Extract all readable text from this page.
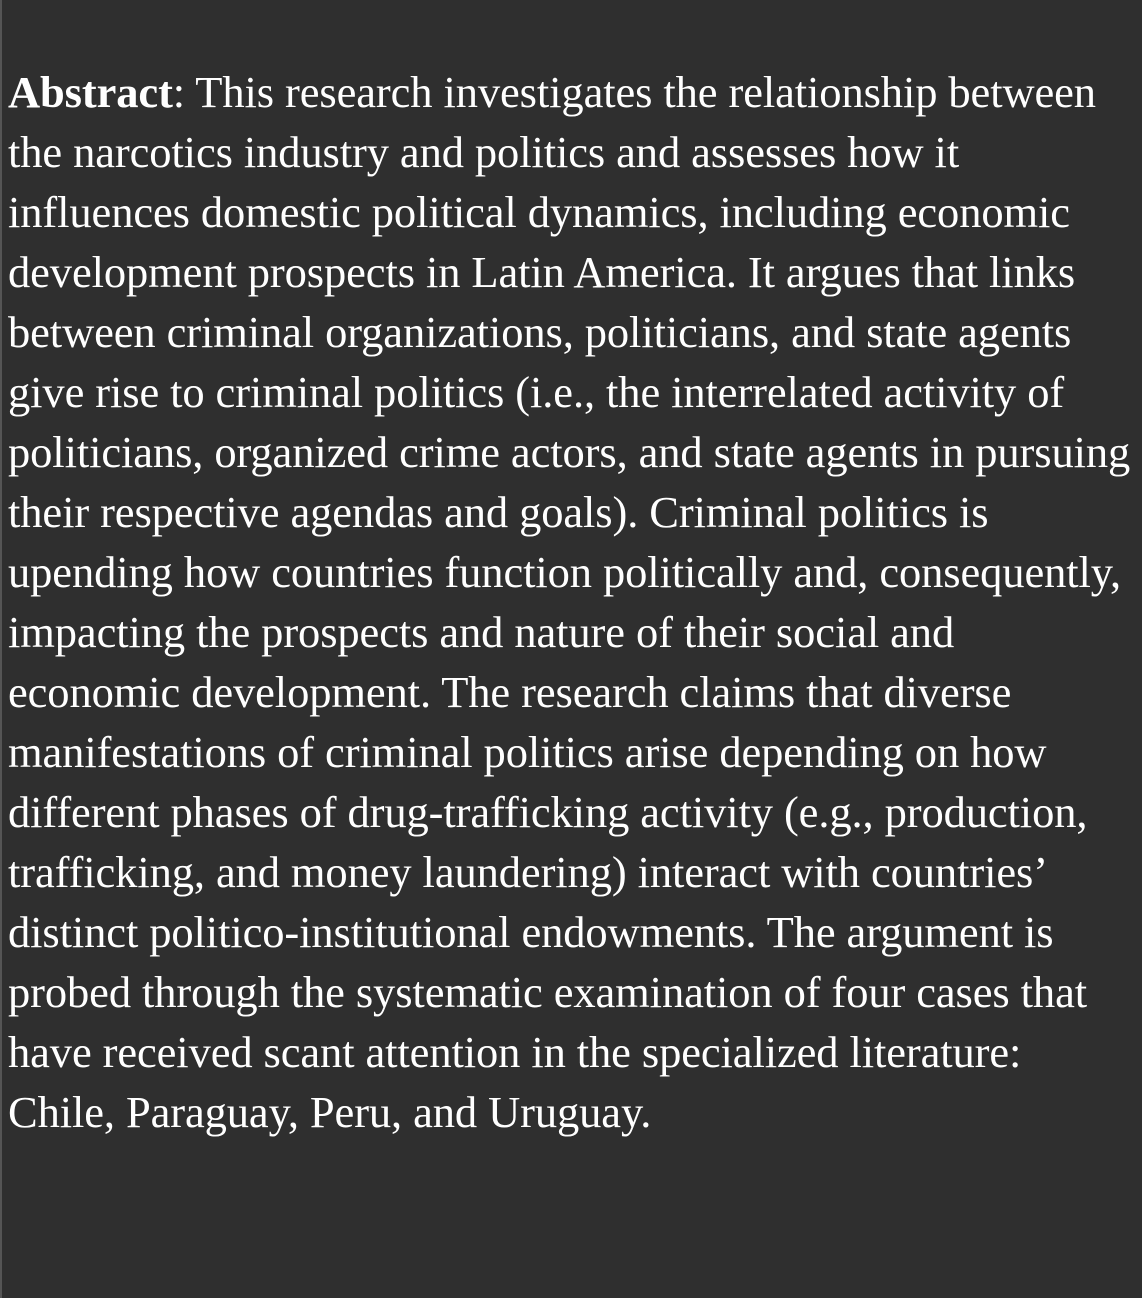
Abstract: This research investigates the relationship between the narcotics industry and politics and assesses how it influences domestic political dynamics, including economic development prospects in Latin America. It argues that links between criminal organizations, politicians, and state agents give rise to criminal politics (i.e., the interrelated activity of politicians, organized crime actors, and state agents in pursuing their respective agendas and goals). Criminal politics is upending how countries function politically and, consequently, impacting the prospects and nature of their social and economic development. The research claims that diverse manifestations of criminal politics arise depending on how different phases of drug-trafficking activity (e.g., production, trafficking, and money laundering) interact with countries’ distinct politico-institutional endowments. The argument is probed through the systematic examination of four cases that have received scant attention in the specialized literature: Chile, Paraguay, Peru, and Uruguay.
